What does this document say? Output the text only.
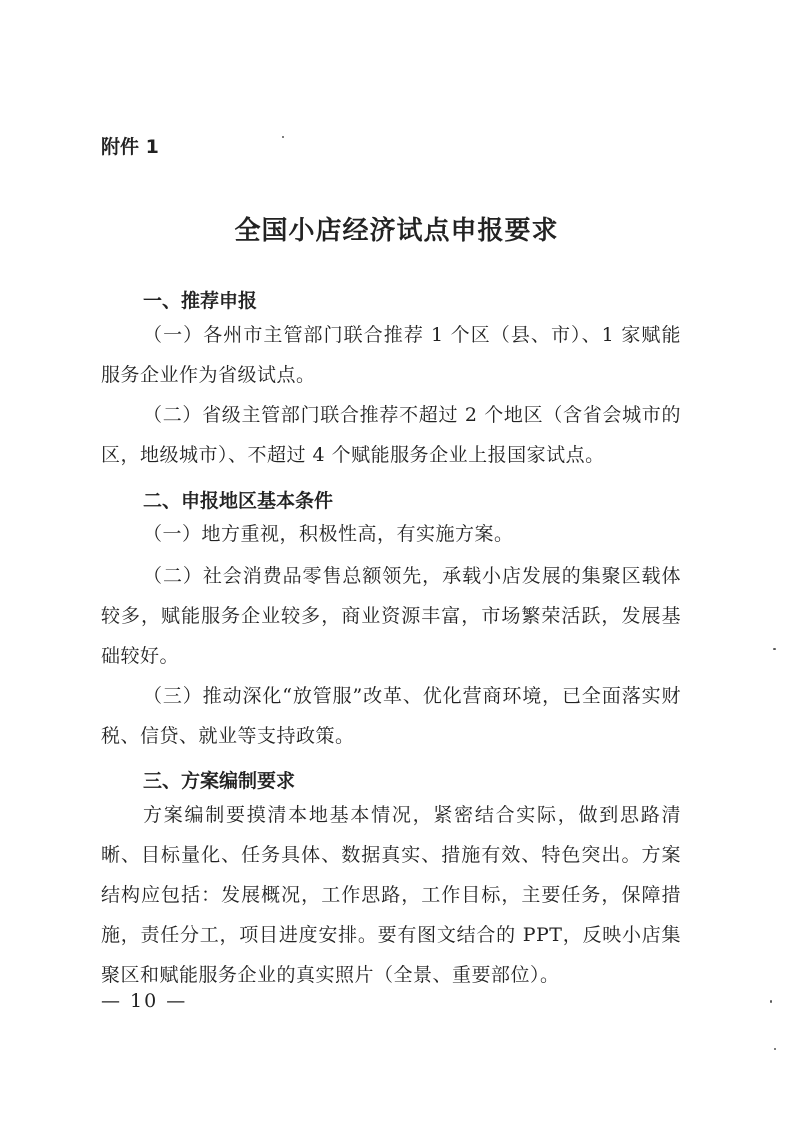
附件 1
全国小店经济试点申报要求
一、推荐申报
（一）各州市主管部门联合推荐 1 个区（县、市）、1 家赋能服务企业作为省级试点。
（二）省级主管部门联合推荐不超过 2 个地区（含省会城市的区，地级城市）、不超过 4 个赋能服务企业上报国家试点。
二、申报地区基本条件
（一）地方重视，积极性高，有实施方案。
（二）社会消费品零售总额领先，承载小店发展的集聚区载体较多，赋能服务企业较多，商业资源丰富，市场繁荣活跃，发展基础较好。
（三）推动深化“放管服”改革、优化营商环境，已全面落实财税、信贷、就业等支持政策。
三、方案编制要求
方案编制要摸清本地基本情况，紧密结合实际，做到思路清晰、目标量化、任务具体、数据真实、措施有效、特色突出。方案结构应包括：发展概况，工作思路，工作目标，主要任务，保障措施，责任分工，项目进度安排。要有图文结合的 PPT，反映小店集聚区和赋能服务企业的真实照片（全景、重要部位）。
— 10 —
